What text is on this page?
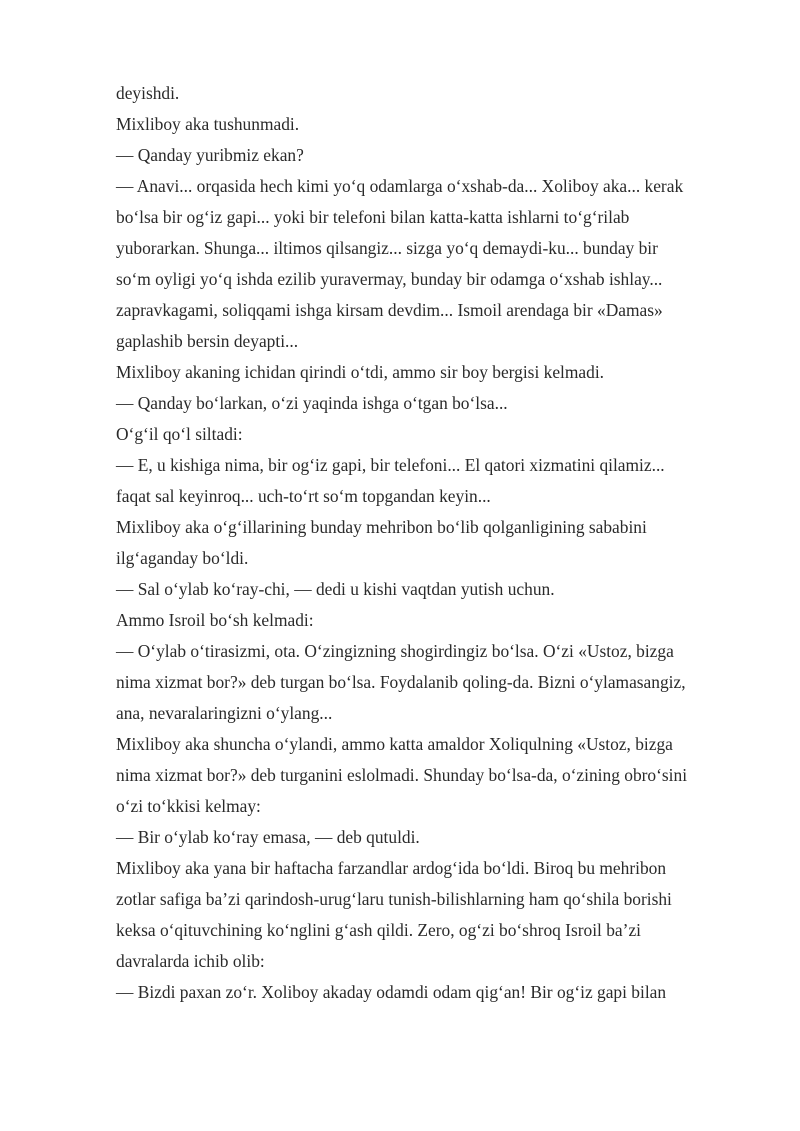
deyishdi.
Mixliboy aka tushunmadi.
— Qanday yuribmiz ekan?
— Anavi... orqasida hech kimi yo‘q odamlarga o‘xshab-da... Xoliboy aka... kerak
bo‘lsa bir og‘iz gapi... yoki bir telefoni bilan katta-katta ishlarni to‘g‘rilab
yuborarkan. Shunga... iltimos qilsangiz... sizga yo‘q demaydi-ku... bunday bir
so‘m oyligi yo‘q ishda ezilib yuravermay, bunday bir odamga o‘xshab ishlay...
zapravkagami, soliqqami ishga kirsam devdim... Ismoil arendaga bir «Damas»
gaplashib bersin deyapti...
Mixliboy akaning ichidan qirindi o‘tdi, ammo sir boy bergisi kelmadi.
— Qanday bo‘larkan, o‘zi yaqinda ishga o‘tgan bo‘lsa...
O‘g‘il qo‘l siltadi:
— E, u kishiga nima, bir og‘iz gapi, bir telefoni... El qatori xizmatini qilamiz...
faqat sal keyinroq... uch-to‘rt so‘m topgandan keyin...
Mixliboy aka o‘g‘illarining bunday mehribon bo‘lib qolganligining sababini
ilg‘aganday bo‘ldi.
— Sal o‘ylab ko‘ray-chi, — dedi u kishi vaqtdan yutish uchun.
Ammo Isroil bo‘sh kelmadi:
— O‘ylab o‘tirasizmi, ota. O‘zingizning shogirdingiz bo‘lsa. O‘zi «Ustoz, bizga
nima xizmat bor?» deb turgan bo‘lsa. Foydalanib qoling-da. Bizni o‘ylamasangiz,
ana, nevaralaringizni o‘ylang...
Mixliboy aka shuncha o‘ylandi, ammo katta amaldor Xoliqulning «Ustoz, bizga
nima xizmat bor?» deb turganini eslolmadi. Shunday bo‘lsa-da, o‘zining obro‘sini
o‘zi to‘kkisi kelmay:
— Bir o‘ylab ko‘ray emasa, — deb qutuldi.
Mixliboy aka yana bir haftacha farzandlar ardog‘ida bo‘ldi. Biroq bu mehribon
zotlar safiga ba’zi qarindosh-urug‘laru tunish-bilishlarning ham qo‘shila borishi
keksa o‘qituvchining ko‘nglini g‘ash qildi. Zero, og‘zi bo‘shroq Isroil ba’zi
davralarda ichib olib:
— Bizdi paxan zo‘r. Xoliboy akaday odamdi odam qig‘an! Bir og‘iz gapi bilan
